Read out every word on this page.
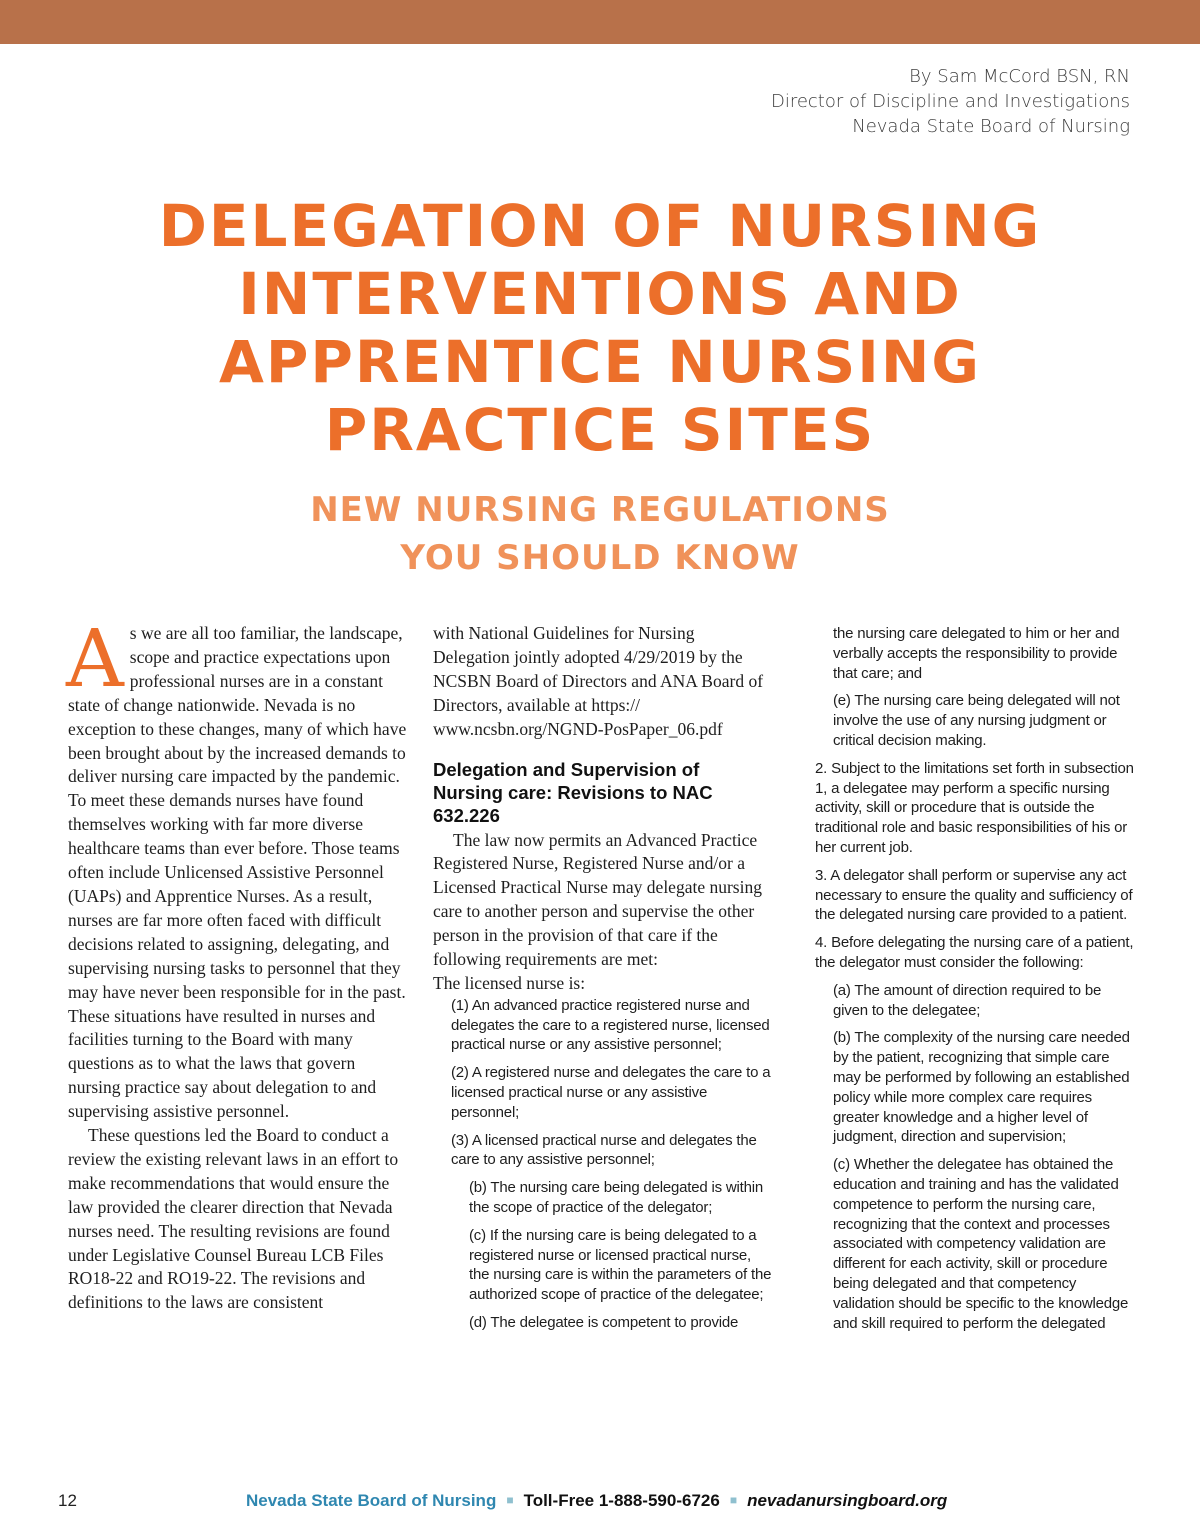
By Sam McCord BSN, RN
Director of Discipline and Investigations
Nevada State Board of Nursing
DELEGATION OF NURSING
INTERVENTIONS AND
APPRENTICE NURSING
PRACTICE SITES
NEW NURSING REGULATIONS
YOU SHOULD KNOW

As we are all too familiar, the landscape, scope and practice expectations upon professional nurses are in a constant state of change nationwide. Nevada is no exception to these changes, many of which have been brought about by the increased demands to deliver nursing care impacted by the pandemic. To meet these demands nurses have found themselves working with far more diverse healthcare teams than ever before. Those teams often include Unlicensed Assistive Personnel (UAPs) and Apprentice Nurses. As a result, nurses are far more often faced with difficult decisions related to assigning, delegating, and supervising nursing tasks to personnel that they may have never been responsible for in the past. These situations have resulted in nurses and facilities turning to the Board with many questions as to what the laws that govern nursing practice say about delegation to and supervising assistive personnel.

These questions led the Board to conduct a review the existing relevant laws in an effort to make recommendations that would ensure the law provided the clearer direction that Nevada nurses need. The resulting revisions are found under Legislative Counsel Bureau LCB Files RO18-22 and RO19-22. The revisions and definitions to the laws are consistent

with National Guidelines for Nursing Delegation jointly adopted 4/29/2019 by the NCSBN Board of Directors and ANA Board of Directors, available at https:// www.ncsbn.org/NGND-PosPaper_06.pdf

Delegation and Supervision of Nursing care: Revisions to NAC 632.226

The law now permits an Advanced Practice Registered Nurse, Registered Nurse and/or a Licensed Practical Nurse may delegate nursing care to another person and supervise the other person in the provision of that care if the following requirements are met:

The licensed nurse is:

(1) An advanced practice registered nurse and delegates the care to a registered nurse, licensed practical nurse or any assistive personnel;

(2) A registered nurse and delegates the care to a licensed practical nurse or any assistive personnel;

(3) A licensed practical nurse and delegates the care to any assistive personnel;

(b) The nursing care being delegated is within the scope of practice of the delegator;

(c) If the nursing care is being delegated to a registered nurse or licensed practical nurse, the nursing care is within the parameters of the authorized scope of practice of the delegatee;

(d) The delegatee is competent to provide

the nursing care delegated to him or her and verbally accepts the responsibility to provide that care; and

(e) The nursing care being delegated will not involve the use of any nursing judgment or critical decision making.

2. Subject to the limitations set forth in subsection 1, a delegatee may perform a specific nursing activity, skill or procedure that is outside the traditional role and basic responsibilities of his or her current job.

3. A delegator shall perform or supervise any act necessary to ensure the quality and sufficiency of the delegated nursing care provided to a patient.

4. Before delegating the nursing care of a patient, the delegator must consider the following:

(a) The amount of direction required to be given to the delegatee;

(b) The complexity of the nursing care needed by the patient, recognizing that simple care may be performed by following an established policy while more complex care requires greater knowledge and a higher level of judgment, direction and supervision;

(c) Whether the delegatee has obtained the education and training and has the validated competence to perform the nursing care, recognizing that the context and processes associated with competency validation are different for each activity, skill or procedure being delegated and that competency validation should be specific to the knowledge and skill required to perform the delegated

12	Nevada State Board of Nursing ■ Toll-Free 1-888-590-6726 ■ nevadanursingboard.org
